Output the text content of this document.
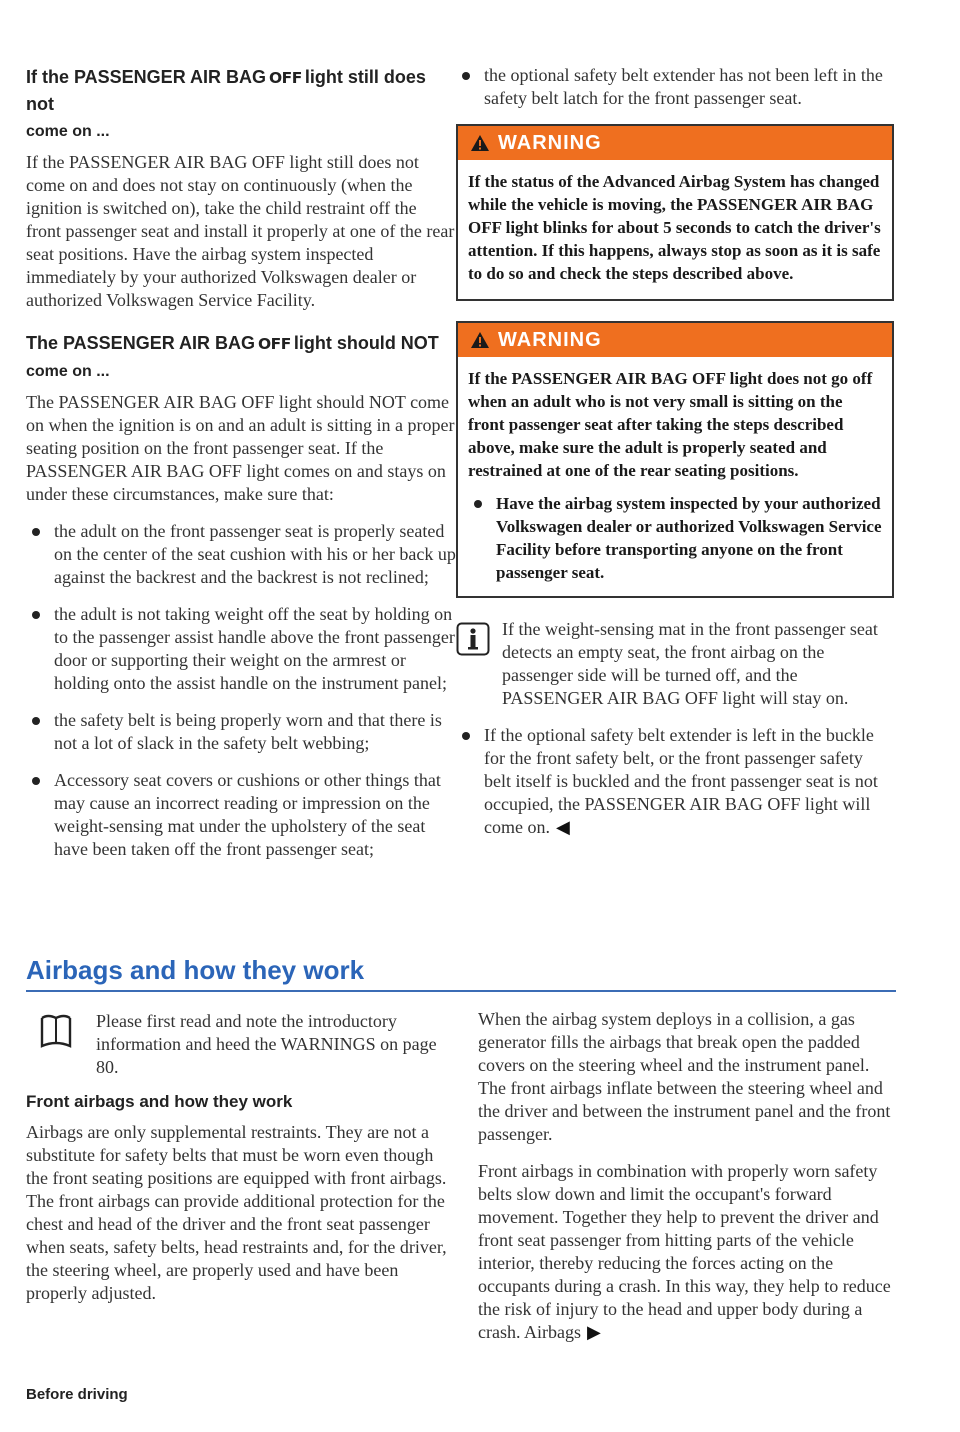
If the PASSENGER AIR BAG OFF light still does not
come on ...

If the PASSENGER AIR BAG OFF light still does not come on and does not stay on continuously (when the ignition is switched on), take the child restraint off the front passenger seat and install it properly at one of the rear seat positions. Have the airbag system inspected immediately by your authorized Volkswagen dealer or authorized Volkswagen Service Facility.

The PASSENGER AIR BAG OFF light should NOT
come on ...

The PASSENGER AIR BAG OFF light should NOT come on when the ignition is on and an adult is sitting in a proper seating position on the front passenger seat. If the PASSENGER AIR BAG OFF light comes on and stays on under these circumstances, make sure that:

the adult on the front passenger seat is properly seated on the center of the seat cushion with his or her back up against the backrest and the backrest is not reclined;
the adult is not taking weight off the seat by holding on to the passenger assist handle above the front passenger door or supporting their weight on the armrest or holding onto the assist handle on the instrument panel;
the safety belt is being properly worn and that there is not a lot of slack in the safety belt webbing;
Accessory seat covers or cushions or other things that may cause an incorrect reading or impression on the weight-sensing mat under the upholstery of the seat have been taken off the front passenger seat;
the optional safety belt extender has not been left in the safety belt latch for the front passenger seat.
WARNING

If the status of the Advanced Airbag System has changed while the vehicle is moving, the PASSENGER AIR BAG OFF light blinks for about 5 seconds to catch the driver's attention. If this happens, always stop as soon as it is safe to do so and check the steps described above.

WARNING

If the PASSENGER AIR BAG OFF light does not go off when an adult who is not very small is sitting on the front passenger seat after taking the steps described above, make sure the adult is properly seated and restrained at one of the rear seating positions.

Have the airbag system inspected by your authorized Volkswagen dealer or authorized Volkswagen Service Facility before transporting anyone on the front passenger seat.
If the weight-sensing mat in the front passenger seat detects an empty seat, the front airbag on the passenger side will be turned off, and the PASSENGER AIR BAG OFF light will stay on.
If the optional safety belt extender is left in the buckle for the front safety belt, or the front passenger safety belt itself is buckled and the front passenger seat is not occupied, the PASSENGER AIR BAG OFF light will come on. ◀
Airbags and how they work
Please first read and note the introductory information and heed the WARNINGS on page 80.
Front airbags and how they work

Airbags are only supplemental restraints. They are not a substitute for safety belts that must be worn even though the front seating positions are equipped with front airbags. The front airbags can provide additional protection for the chest and head of the driver and the front seat passenger when seats, safety belts, head restraints and, for the driver, the steering wheel, are properly used and have been properly adjusted.

When the airbag system deploys in a collision, a gas generator fills the airbags that break open the padded covers on the steering wheel and the instrument panel. The front airbags inflate between the steering wheel and the driver and between the instrument panel and the front passenger.

Front airbags in combination with properly worn safety belts slow down and limit the occupant's forward movement. Together they help to prevent the driver and front seat passenger from hitting parts of the vehicle interior, thereby reducing the forces acting on the occupants during a crash. In this way, they help to reduce the risk of injury to the head and upper body during a crash. Airbags ▶

Before driving
